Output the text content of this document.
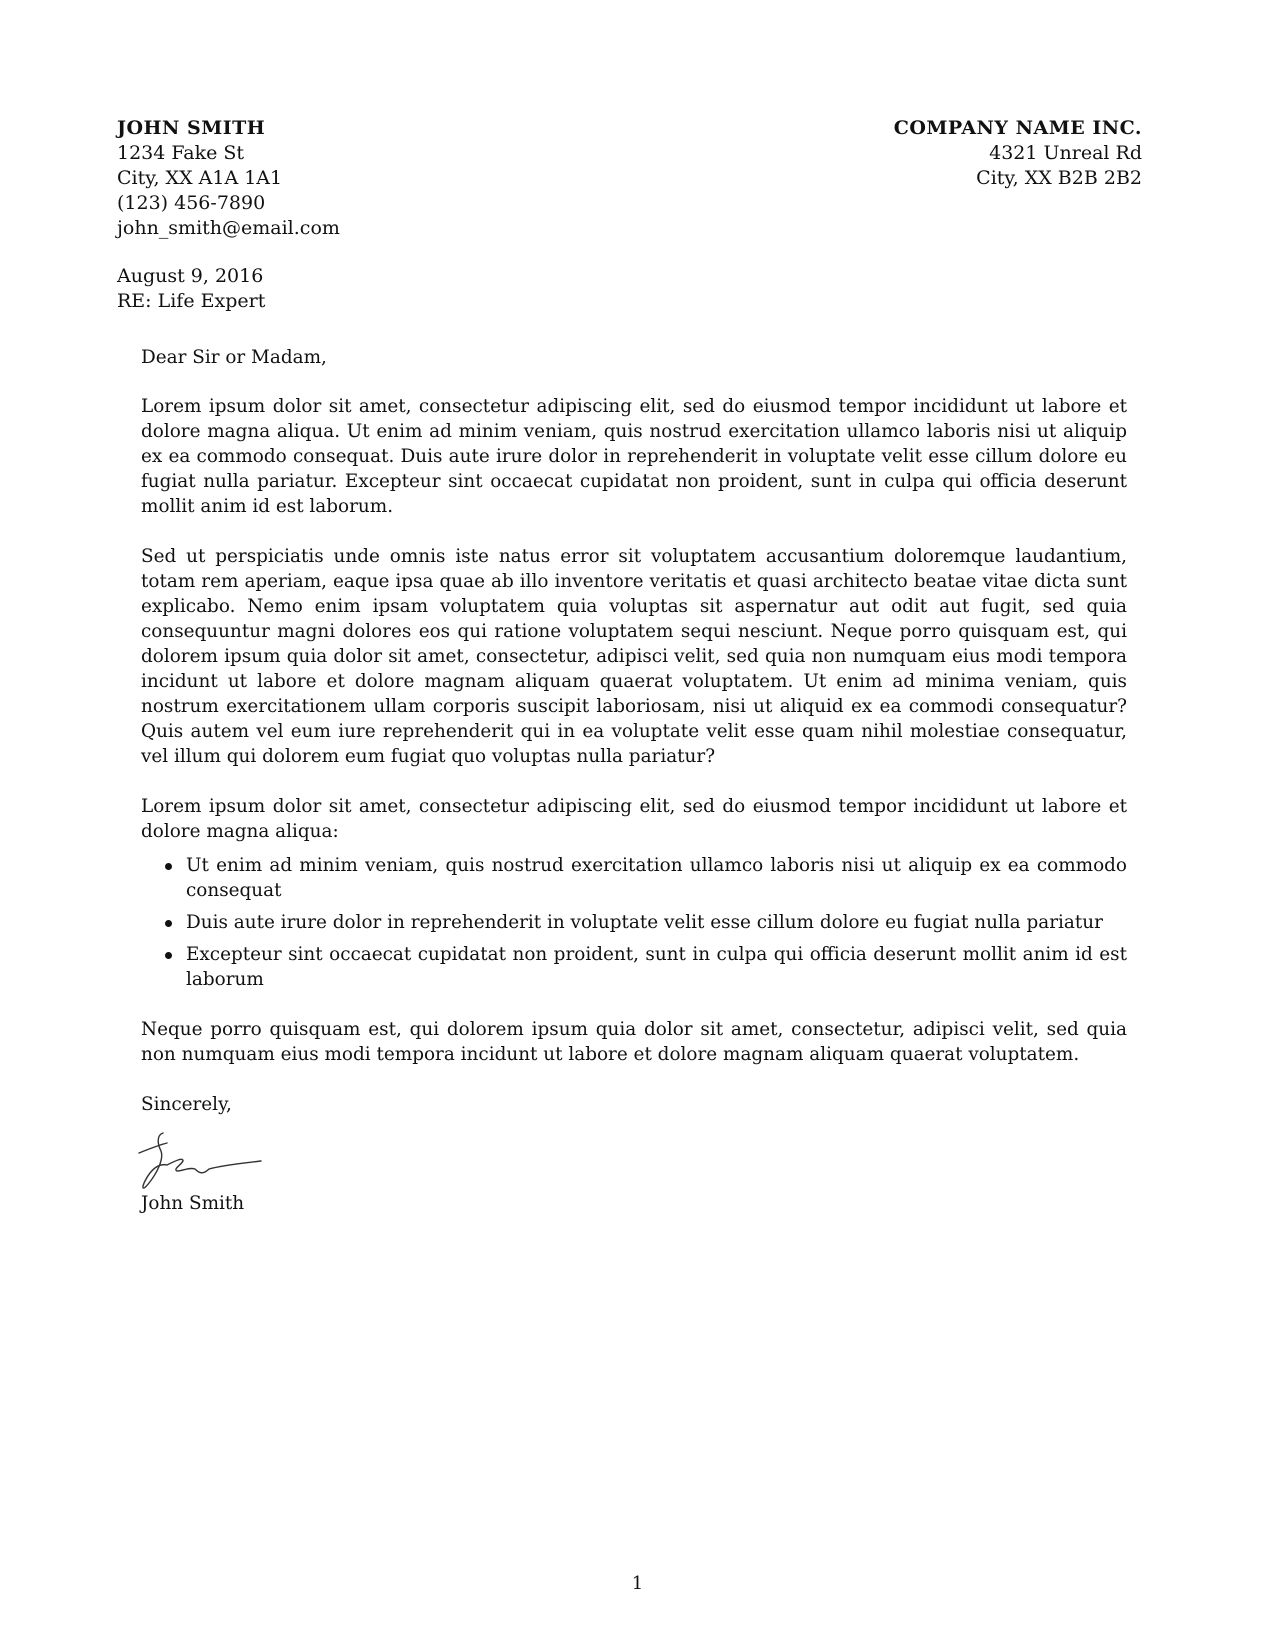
JOHN SMITH
1234 Fake St
City, XX A1A 1A1
(123) 456-7890
john_smith@email.com
COMPANY NAME INC.
4321 Unreal Rd
City, XX B2B 2B2
August 9, 2016
RE: Life Expert

Dear Sir or Madam,

Lorem ipsum dolor sit amet, consectetur adipiscing elit, sed do eiusmod tempor incididunt ut labore et dolore magna aliqua. Ut enim ad minim veniam, quis nostrud exercitation ullamco laboris nisi ut aliquip ex ea commodo consequat. Duis aute irure dolor in reprehenderit in voluptate velit esse cillum dolore eu fugiat nulla pariatur. Excepteur sint occaecat cupidatat non proident, sunt in culpa qui officia deserunt mollit anim id est laborum.

Sed ut perspiciatis unde omnis iste natus error sit voluptatem accusantium doloremque laudantium, totam rem aperiam, eaque ipsa quae ab illo inventore veritatis et quasi architecto beatae vitae dicta sunt explicabo. Nemo enim ipsam voluptatem quia voluptas sit aspernatur aut odit aut fugit, sed quia consequuntur magni dolores eos qui ratione voluptatem sequi nesciunt. Neque porro quisquam est, qui dolorem ipsum quia dolor sit amet, consectetur, adipisci velit, sed quia non numquam eius modi tempora incidunt ut labore et dolore magnam aliquam quaerat voluptatem. Ut enim ad minima veniam, quis nostrum exercitationem ullam corporis suscipit laboriosam, nisi ut aliquid ex ea commodi consequatur? Quis autem vel eum iure reprehenderit qui in ea voluptate velit esse quam nihil molestiae consequatur, vel illum qui dolorem eum fugiat quo voluptas nulla pariatur?

Lorem ipsum dolor sit amet, consectetur adipiscing elit, sed do eiusmod tempor incididunt ut labore et dolore magna aliqua:

Ut enim ad minim veniam, quis nostrud exercitation ullamco laboris nisi ut aliquip ex ea commodo consequat
Duis aute irure dolor in reprehenderit in voluptate velit esse cillum dolore eu fugiat nulla pariatur
Excepteur sint occaecat cupidatat non proident, sunt in culpa qui officia deserunt mollit anim id est laborum

Neque porro quisquam est, qui dolorem ipsum quia dolor sit amet, consectetur, adipisci velit, sed quia non numquam eius modi tempora incidunt ut labore et dolore magnam aliquam quaerat voluptatem.

Sincerely,

John Smith
1
